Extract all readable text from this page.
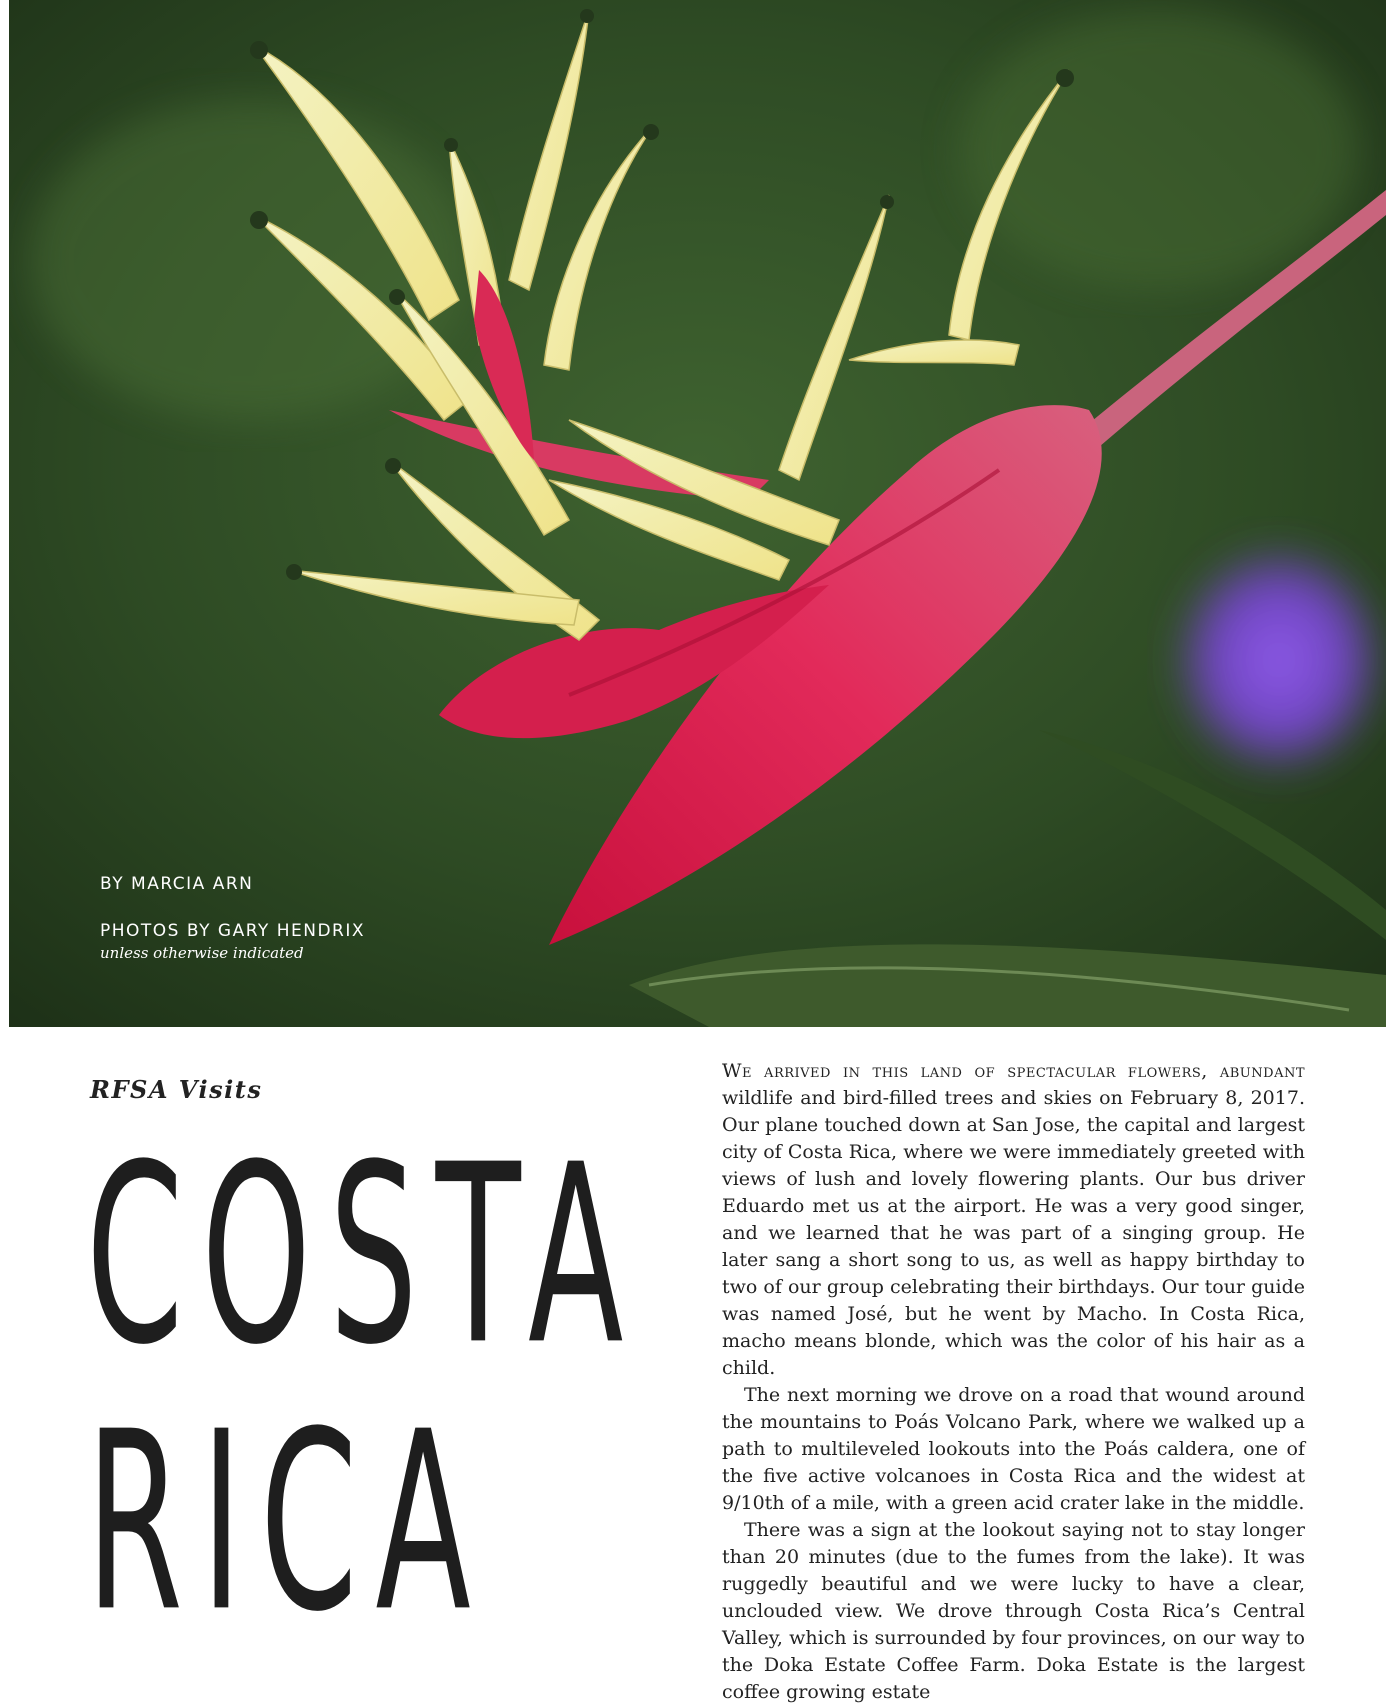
BY MARCIA ARN
PHOTOS BY GARY HENDRIX
unless otherwise indicated
RFSA Visits
COSTA
RICA

We arrived in this land of spectacular flowers, abundant wildlife and bird-filled trees and skies on February 8, 2017. Our plane touched down at San Jose, the capital and largest city of Costa Rica, where we were immediately greeted with views of lush and lovely flowering plants. Our bus driver Eduardo met us at the airport. He was a very good singer, and we learned that he was part of a singing group. He later sang a short song to us, as well as happy birthday to two of our group celebrating their birthdays. Our tour guide was named José, but he went by Macho. In Costa Rica, macho means blonde, which was the color of his hair as a child.

The next morning we drove on a road that wound around the mountains to Poás Volcano Park, where we walked up a path to multileveled lookouts into the Poás caldera, one of the five active volcanoes in Costa Rica and the widest at 9/10th of a mile, with a green acid crater lake in the middle.

There was a sign at the lookout saying not to stay longer than 20 minutes (due to the fumes from the lake). It was ruggedly beautiful and we were lucky to have a clear, unclouded view. We drove through Costa Rica’s Central Valley, which is surrounded by four provinces, on our way to the Doka Estate Coffee Farm. Doka Estate is the largest coffee growing estate
